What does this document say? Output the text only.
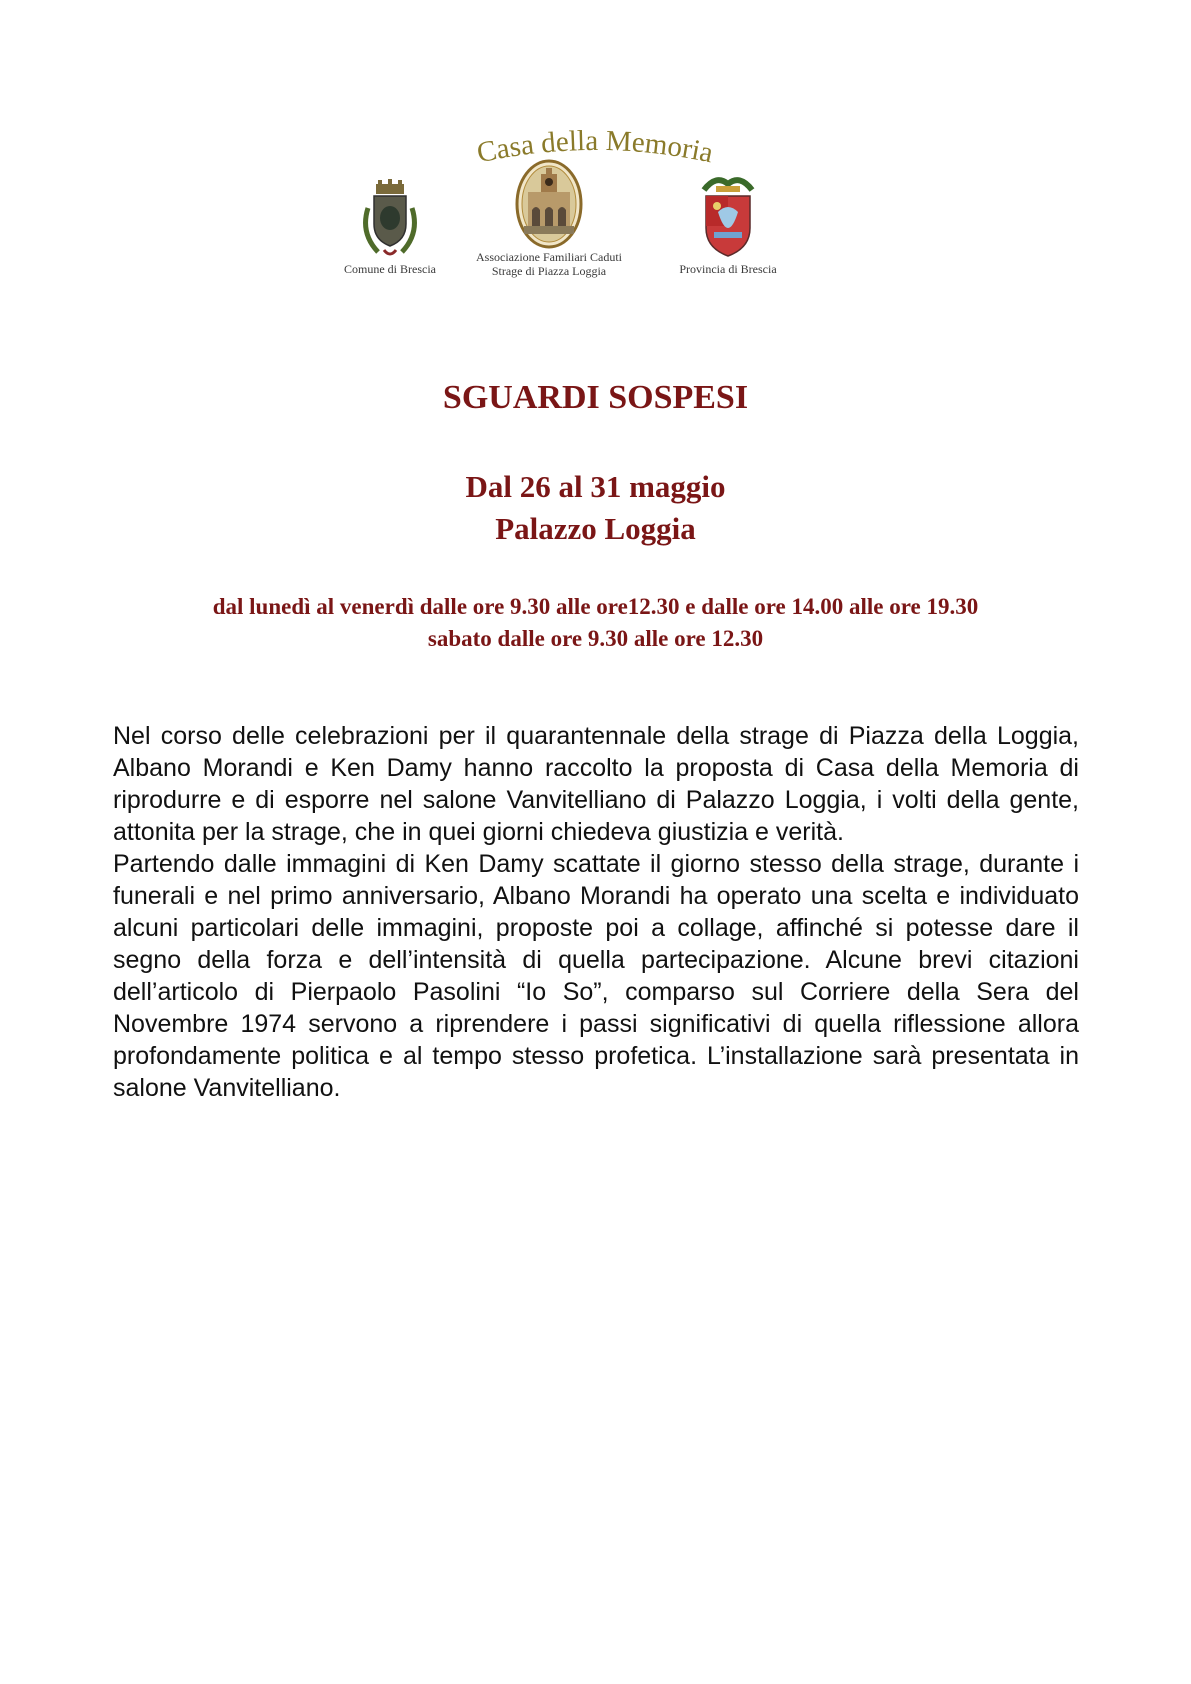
Casa della Memoria
Comune di Brescia
Associazione Familiari Caduti
Strage di Piazza Loggia	Provincia di Brescia
SGUARDI SOSPESI
Dal 26 al 31 maggio
Palazzo Loggia
dal lunedì al venerdì dalle ore 9.30 alle ore12.30 e dalle ore 14.00 alle ore 19.30
sabato dalle ore 9.30 alle ore 12.30

Nel corso delle celebrazioni per il quarantennale della strage di Piazza della Loggia, Albano Morandi e Ken Damy hanno raccolto la proposta di Casa della Memoria di riprodurre e di esporre nel salone Vanvitelliano di Palazzo Loggia, i volti della gente, attonita per la strage, che in quei giorni chiedeva giustizia e verità.

Partendo dalle immagini di Ken Damy scattate il giorno stesso della strage, durante i funerali e nel primo anniversario, Albano Morandi ha operato una scelta e individuato alcuni particolari delle immagini, proposte poi a collage, affinché si potesse dare il segno della forza e dell’intensità di quella partecipazione. Alcune brevi citazioni dell’articolo di Pierpaolo Pasolini “Io So”, comparso sul Corriere della Sera del Novembre 1974 servono a riprendere i passi significativi di quella riflessione allora profondamente politica e al tempo stesso profetica. L’installazione sarà presentata in salone Vanvitelliano.
